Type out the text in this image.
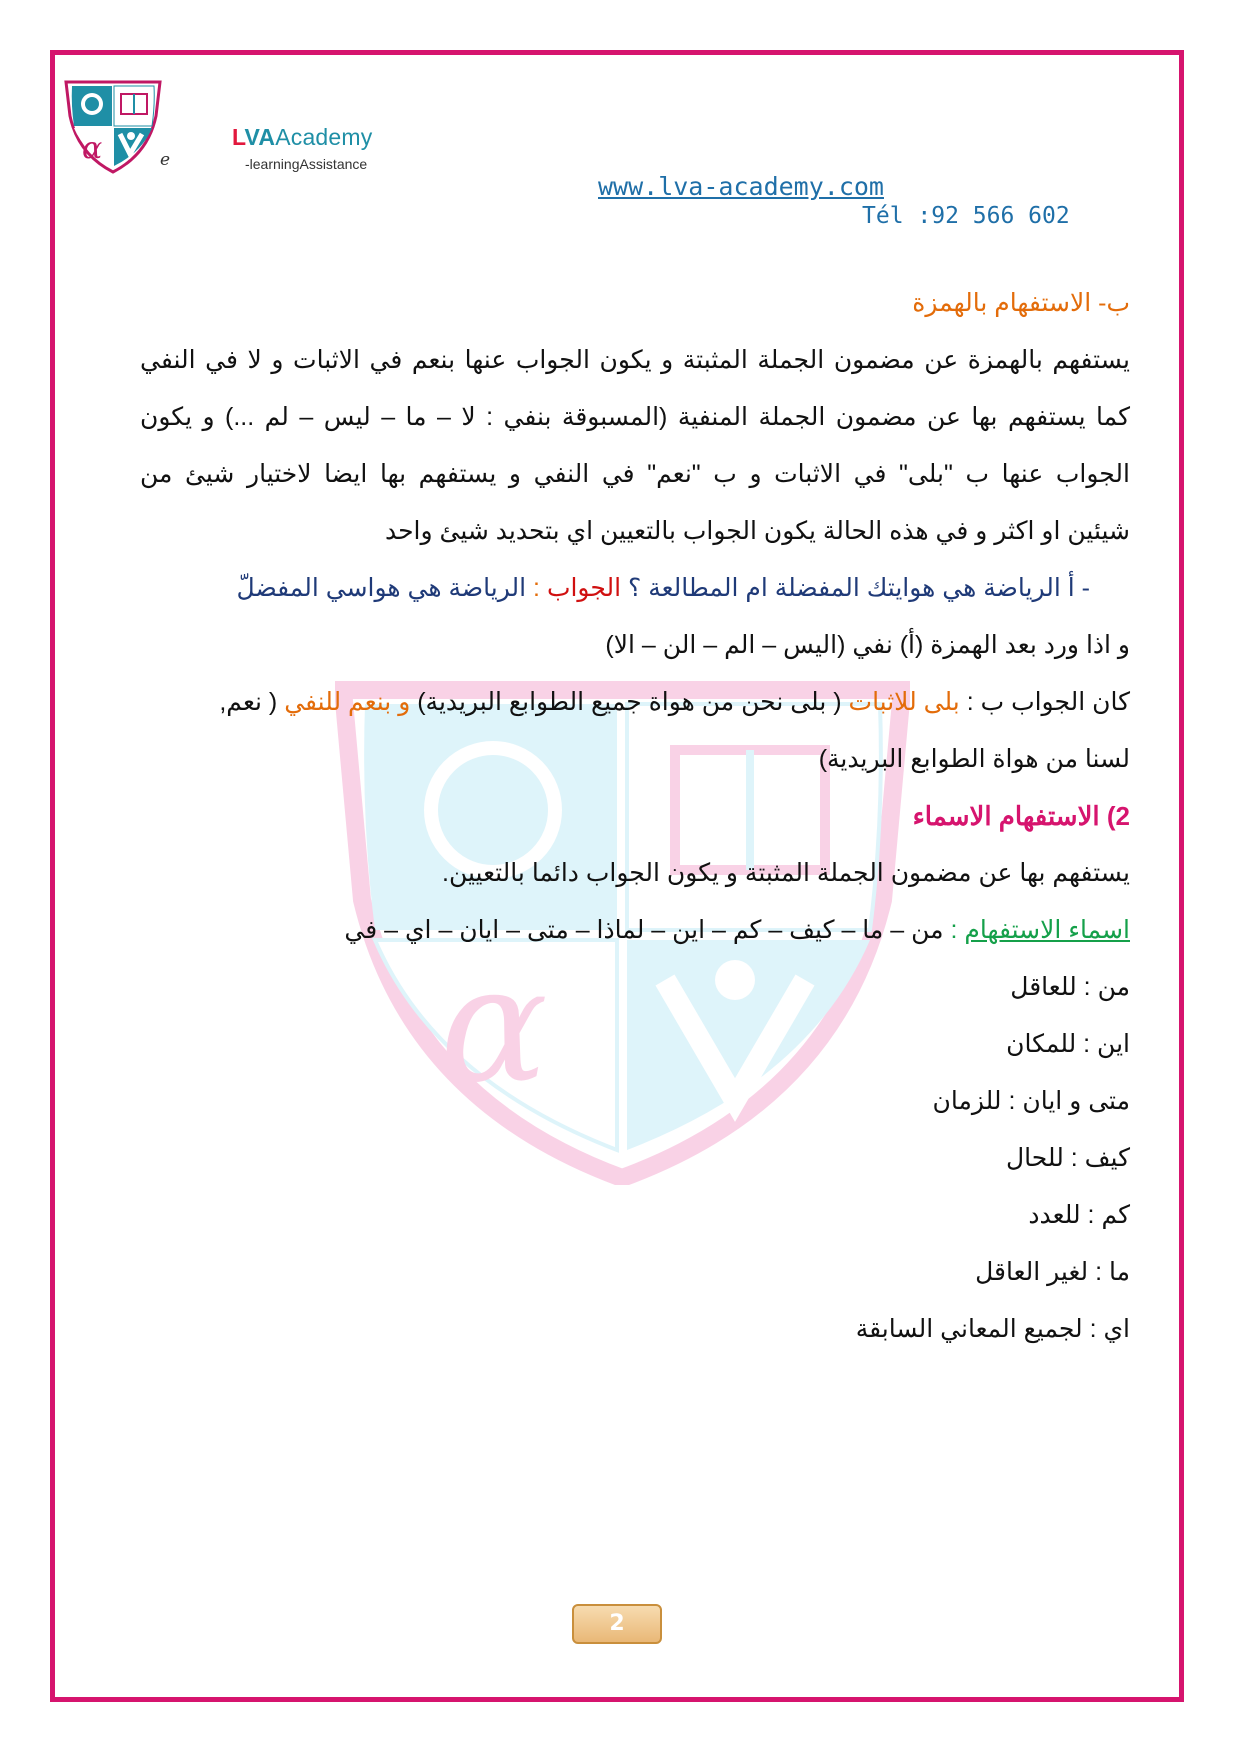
α	e
LVAAcademy
-learningAssistance
www.lva-academy.com
Tél :92 566 602
α
ب- الاستفهام بالهمزة
يستفهم بالهمزة عن مضمون الجملة المثبتة و يكون الجواب عنها بنعم في الاثبات و لا في النفي
كما يستفهم بها عن مضمون الجملة المنفية (المسبوقة بنفي : لا – ما – ليس – لم ...) و يكون
الجواب عنها ب "بلى" في الاثبات و ب "نعم" في النفي و يستفهم بها ايضا لاختيار شيئ من
شيئين او اكثر و في هذه الحالة يكون الجواب بالتعيين اي بتحديد شيئ واحد
- أ الرياضة هي هوايتك المفضلة ام المطالعة ؟ الجواب : الرياضة هي هواسي المفضلّ
و اذا ورد بعد الهمزة (أ) نفي (اليس – الم – الن – الا)
كان الجواب ب : بلى للاثبات ( بلى نحن من هواة جميع الطوابع البريدية) و بنعم للنفي ( نعم,
لسنا من هواة الطوابع البريدية)
2) الاستفهام الاسماء
يستفهم بها عن مضمون الجملة المثبتة و يكون الجواب دائما بالتعيين.
اسماء الاستفهام : من – ما – كيف – كم – اين – لماذا – متى – ايان – اي – في
من : للعاقل
اين : للمكان
متى و ايان : للزمان
كيف : للحال
كم : للعدد
ما : لغير العاقل
اي : لجميع المعاني السابقة
2
